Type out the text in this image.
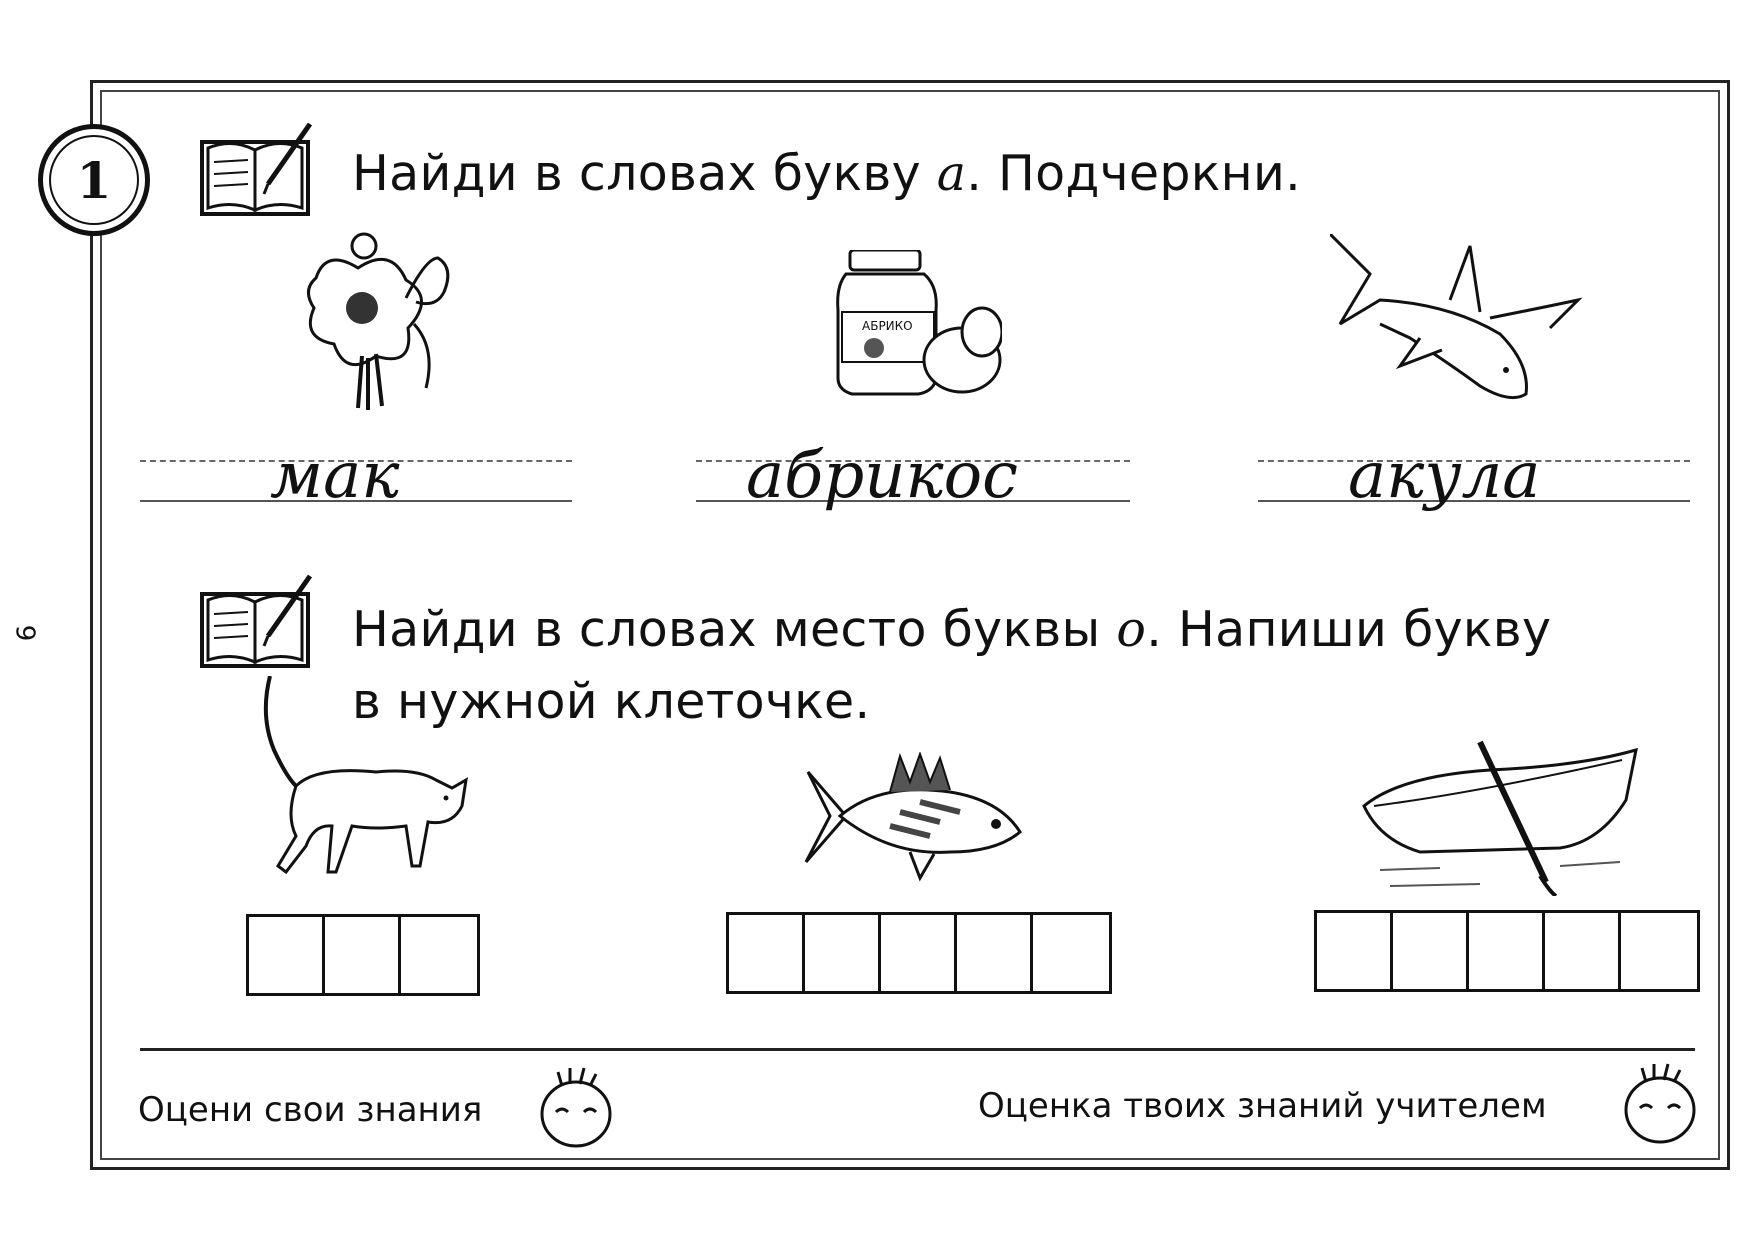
9
1	Найди в словах букву а. Подчеркни.
АБРИКО
мак	абрикос	акула
Найди в словах место буквы о. Напиши букву
в нужной клеточке.
Оцени свои знания	Оценка твоих знаний учителем
